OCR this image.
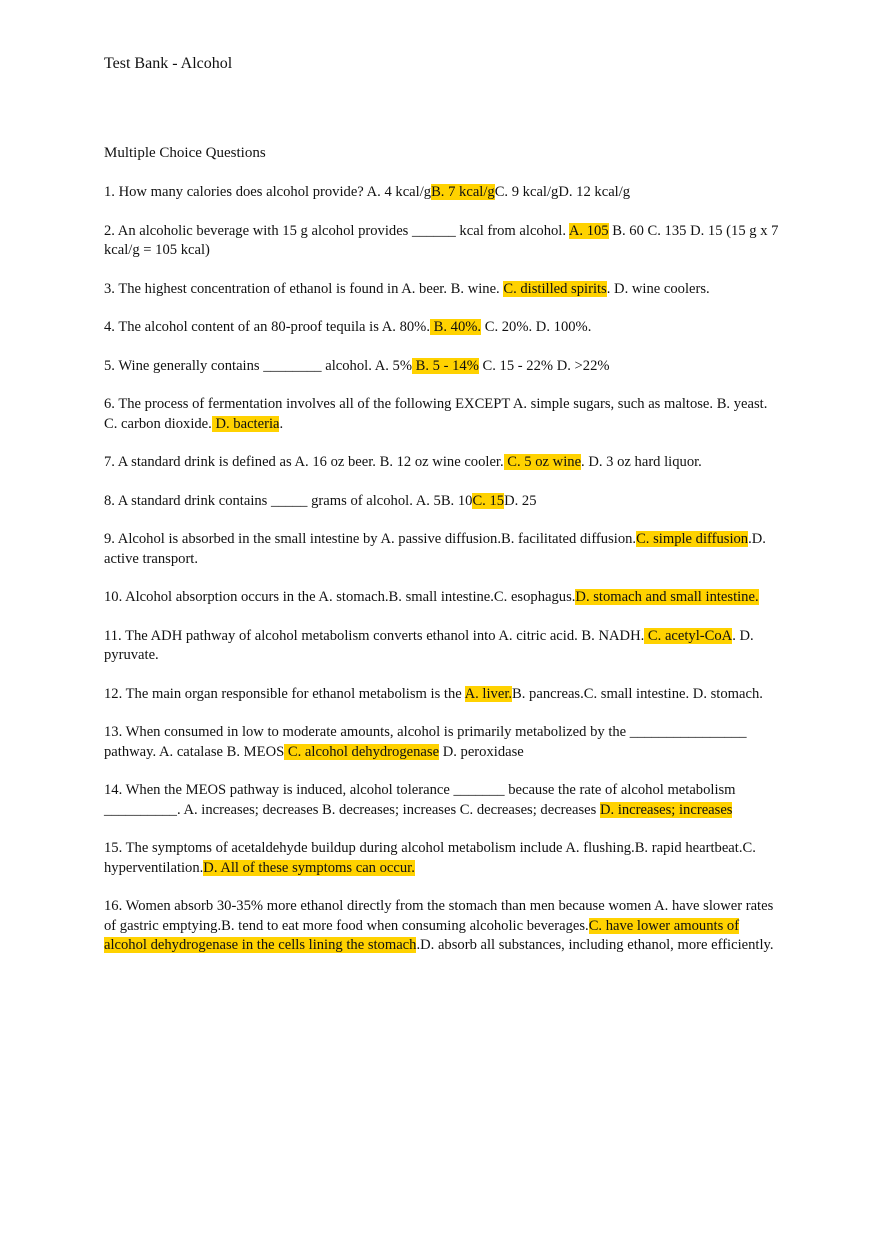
Test Bank - Alcohol
Multiple Choice Questions

1. How many calories does alcohol provide? A. 4 kcal/gB. 7 kcal/gC. 9 kcal/gD. 12 kcal/g

2. An alcoholic beverage with 15 g alcohol provides ______ kcal from alcohol. A. 105 B. 60 C. 135 D. 15 (15 g x 7 kcal/g = 105 kcal)

3. The highest concentration of ethanol is found in A. beer. B. wine. C. distilled spirits. D. wine coolers.

4. The alcohol content of an 80-proof tequila is A. 80%. B. 40%. C. 20%. D. 100%.

5. Wine generally contains ________ alcohol. A. 5% B. 5 - 14% C. 15 - 22% D. >22%

6. The process of fermentation involves all of the following EXCEPT A. simple sugars, such as maltose. B. yeast. C. carbon dioxide. D. bacteria.

7. A standard drink is defined as A. 16 oz beer. B. 12 oz wine cooler. C. 5 oz wine. D. 3 oz hard liquor.

8. A standard drink contains _____ grams of alcohol. A. 5B. 10C. 15D. 25

9. Alcohol is absorbed in the small intestine by A. passive diffusion.B. facilitated diffusion.C. simple diffusion.D. active transport.

10. Alcohol absorption occurs in the A. stomach.B. small intestine.C. esophagus.D. stomach and small intestine.

11. The ADH pathway of alcohol metabolism converts ethanol into A. citric acid. B. NADH. C. acetyl-CoA. D. pyruvate.

12. The main organ responsible for ethanol metabolism is the A. liver.B. pancreas.C. small intestine. D. stomach.

13. When consumed in low to moderate amounts, alcohol is primarily metabolized by the ________________ pathway. A. catalase B. MEOS C. alcohol dehydrogenase D. peroxidase

14. When the MEOS pathway is induced, alcohol tolerance _______ because the rate of alcohol metabolism __________. A. increases; decreases B. decreases; increases C. decreases; decreases D. increases; increases

15. The symptoms of acetaldehyde buildup during alcohol metabolism include A. flushing.B. rapid heartbeat.C. hyperventilation.D. All of these symptoms can occur.

16. Women absorb 30-35% more ethanol directly from the stomach than men because women A. have slower rates of gastric emptying.B. tend to eat more food when consuming alcoholic beverages.C. have lower amounts of alcohol dehydrogenase in the cells lining the stomach.D. absorb all substances, including ethanol, more efficiently.
